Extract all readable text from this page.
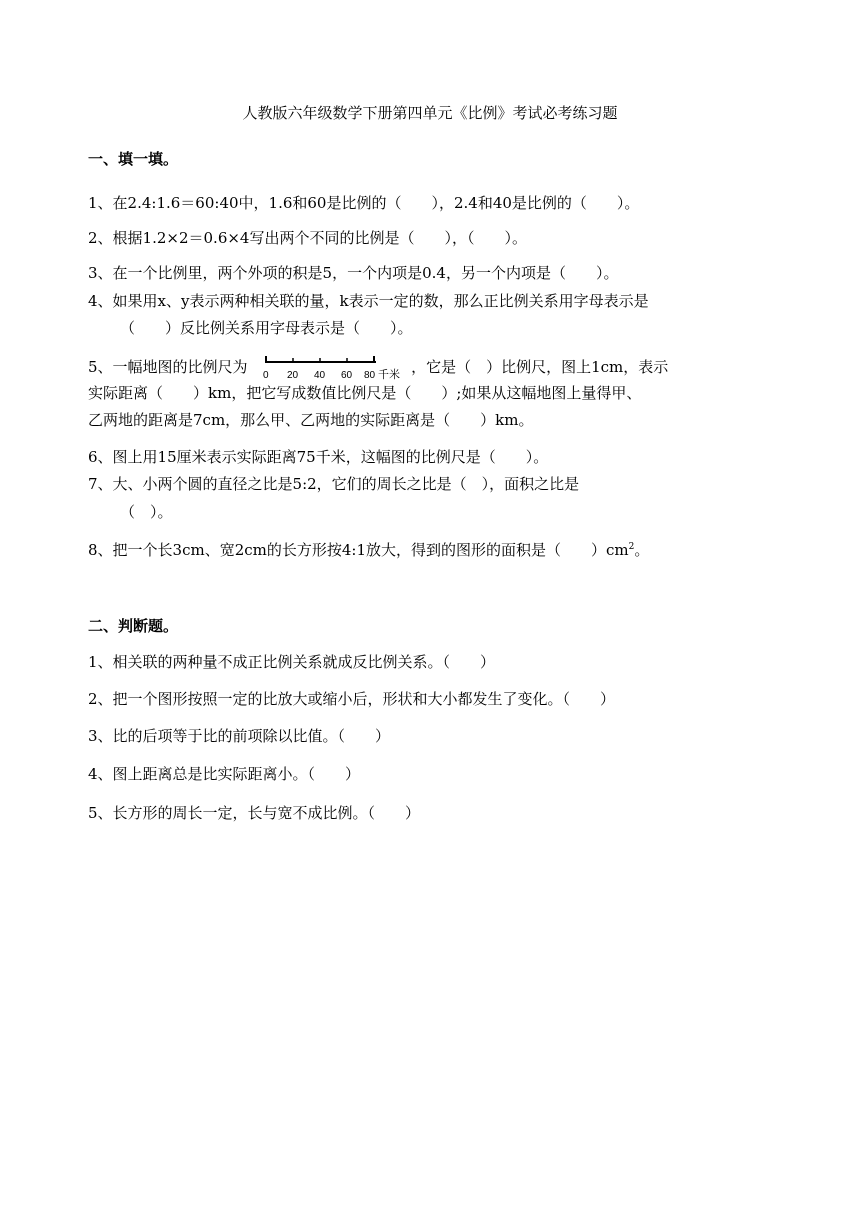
人教版六年级数学下册第四单元《比例》考试必考练习题
一、填一填。
1、在2.4:1.6＝60:40中，1.6和60是比例的（　　），2.4和40是比例的（　　）。
2、根据1.2×2＝0.6×4写出两个不同的比例是（　　），（　　）。
3、在一个比例里，两个外项的积是5，一个内项是0.4，另一个内项是（　　）。
4、如果用x、y表示两种相关联的量，k表示一定的数，那么正比例关系用字母表示是
（　　）反比例关系用字母表示是（　　）。
5、一幅地图的比例尺为 0 20 40 60 80 千米 ，它是（　）比例尺，图上1cm，表示
实际距离（　　）km，把它写成数值比例尺是（　　）;如果从这幅地图上量得甲、
乙两地的距离是7cm，那么甲、乙两地的实际距离是（　　）km。
6、图上用15厘米表示实际距离75千米，这幅图的比例尺是（　　）。
7、大、小两个圆的直径之比是5:2，它们的周长之比是（　），面积之比是
（　）。
8、把一个长3cm、宽2cm的长方形按4:1放大，得到的图形的面积是（　　）$cm^2$。
二、判断题。
1、相关联的两种量不成正比例关系就成反比例关系。（　　）
2、把一个图形按照一定的比放大或缩小后，形状和大小都发生了变化。（　　）
3、比的后项等于比的前项除以比值。（　　）
4、图上距离总是比实际距离小。（　　）
5、长方形的周长一定，长与宽不成比例。（　　）
